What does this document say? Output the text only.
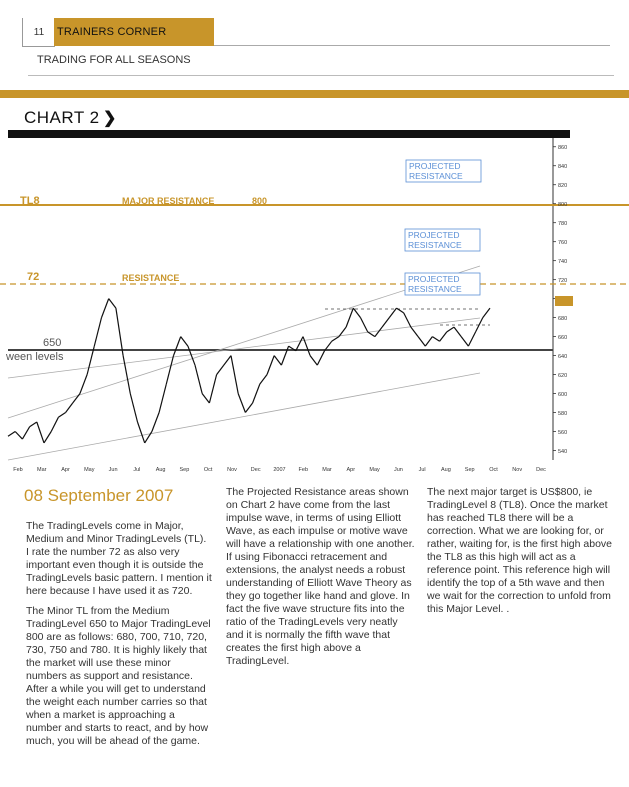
11	TRAINERS CORNER
TRADING FOR ALL SEASONS
CHART 2 ❯
540
560
580
600
620
640
660
680
720
740
760
780
800
820
840
860
Feb	Mar	Apr	May	Jun	Jul	Aug	Sep	Oct	Nov	Dec 2007 Feb	Mar	Apr	May	Jun	Jul	Aug	Sep	Oct	Nov	Dec
TL8	MAJOR RESISTANCE	800
72	RESISTANCE
650
ween levels
PROJECTED
RESISTANCE
PROJECTED
RESISTANCE
PROJECTED
RESISTANCE
08 September 2007

The TradingLevels come in Major, Medium and Minor TradingLevels (TL). I rate the number 72 as also very important even though it is outside the TradingLevels basic pattern. I mention it here because I have used it as 720.

The Minor TL from the Medium TradingLevel 650 to Major TradingLevel 800 are as follows: 680, 700, 710, 720, 730, 750 and 780. It is highly likely that the market will use these minor numbers as support and resistance. After a while you will get to understand the weight each number carries so that when a market is approaching a number and starts to react, and by how much, you will be ahead of the game.

The Projected Resistance areas shown on Chart 2 have come from the last impulse wave, in terms of using Elliott Wave, as each impulse or motive wave will have a relationship with one another. If using Fibonacci retracement and extensions, the analyst needs a robust understanding of Elliott Wave Theory as they go together like hand and glove. In fact the five wave structure fits into the ratio of the TradingLevels very neatly and it is normally the fifth wave that creates the first high above a TradingLevel.

The next major target is US$800, ie TradingLevel 8 (TL8). Once the market has reached TL8 there will be a correction. What we are looking for, or rather, waiting for, is the first high above the TL8 as this high will act as a reference point. This reference high will identify the top of a 5th wave and then we wait for the correction to unfold from this Major Level. .
